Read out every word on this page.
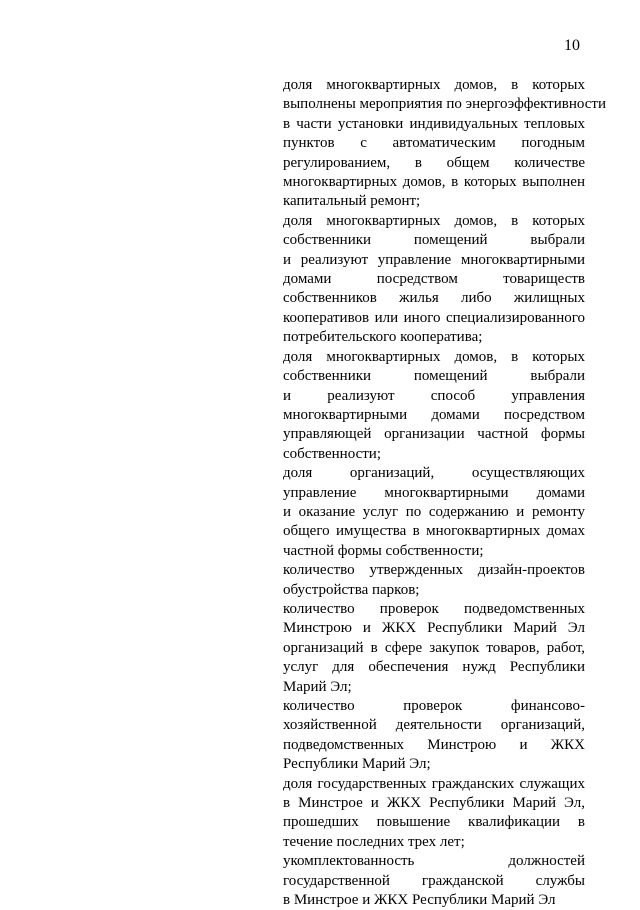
10
доля многоквартирных домов, в которых
выполнены мероприятия по энергоэффективности
в части установки индивидуальных тепловых
пунктов с автоматическим погодным
регулированием, в общем количестве
многоквартирных домов, в которых выполнен
капитальный ремонт;
доля многоквартирных домов, в которых
собственники помещений выбрали
и реализуют управление многоквартирными
домами посредством товариществ
собственников жилья либо жилищных
кооперативов или иного специализированного
потребительского кооператива;
доля многоквартирных домов, в которых
собственники помещений выбрали
и реализуют способ управления
многоквартирными домами посредством
управляющей организации частной формы
собственности;
доля организаций, осуществляющих
управление многоквартирными домами
и оказание услуг по содержанию и ремонту
общего имущества в многоквартирных домах
частной формы собственности;
количество утвержденных дизайн-проектов
обустройства парков;
количество проверок подведомственных
Минстрою и ЖКХ Республики Марий Эл
организаций в сфере закупок товаров, работ,
услуг для обеспечения нужд Республики
Марий Эл;
количество проверок финансово-
хозяйственной деятельности организаций,
подведомственных Минстрою и ЖКХ
Республики Марий Эл;
доля государственных гражданских служащих
в Минстрое и ЖКХ Республики Марий Эл,
прошедших повышение квалификации в
течение последних трех лет;
укомплектованность должностей
государственной гражданской службы
в Минстрое и ЖКХ Республики Марий Эл
